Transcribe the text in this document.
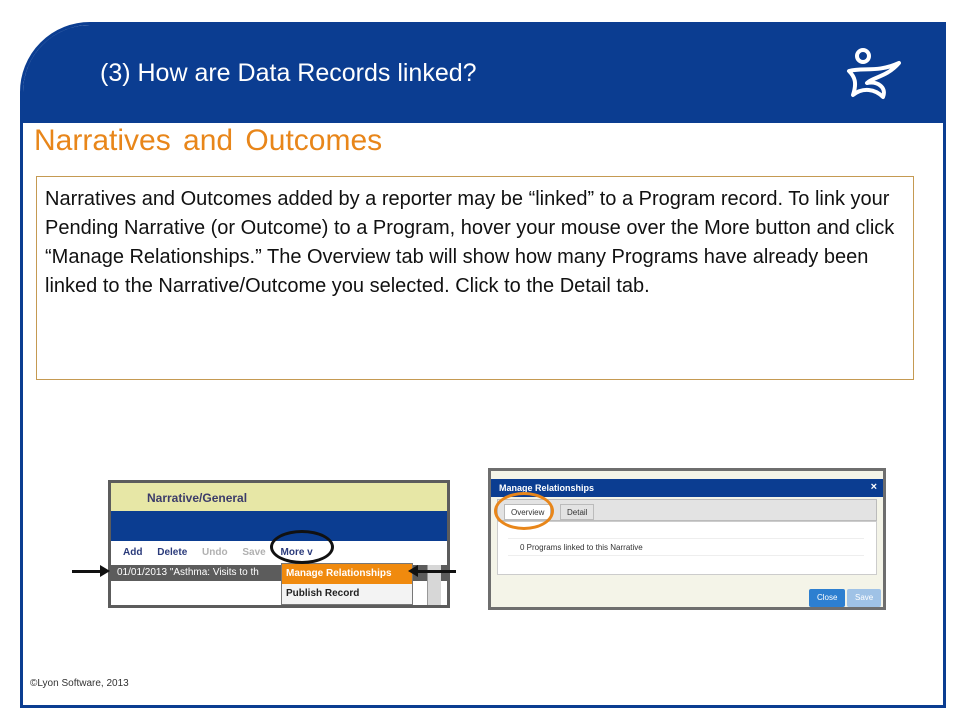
(3) How are Data Records linked?
Narratives and Outcomes

Narratives and Outcomes added by a reporter may be “linked” to a Program record. To link your Pending Narrative (or Outcome) to a Program, hover your mouse over the More button and click “Manage Relationships.” The Overview tab will show how many Programs have already been linked to the Narrative/Outcome you selected. Click to the Detail tab.

Narrative/General
Add Delete Undo Save More v
01/01/2013 "Asthma: Visits to th	Manage Relationships
Publish Record
Manage Relationships	×
Overview	Detail
0 Programs linked to this Narrative
Close	Save
©Lyon Software, 2013
